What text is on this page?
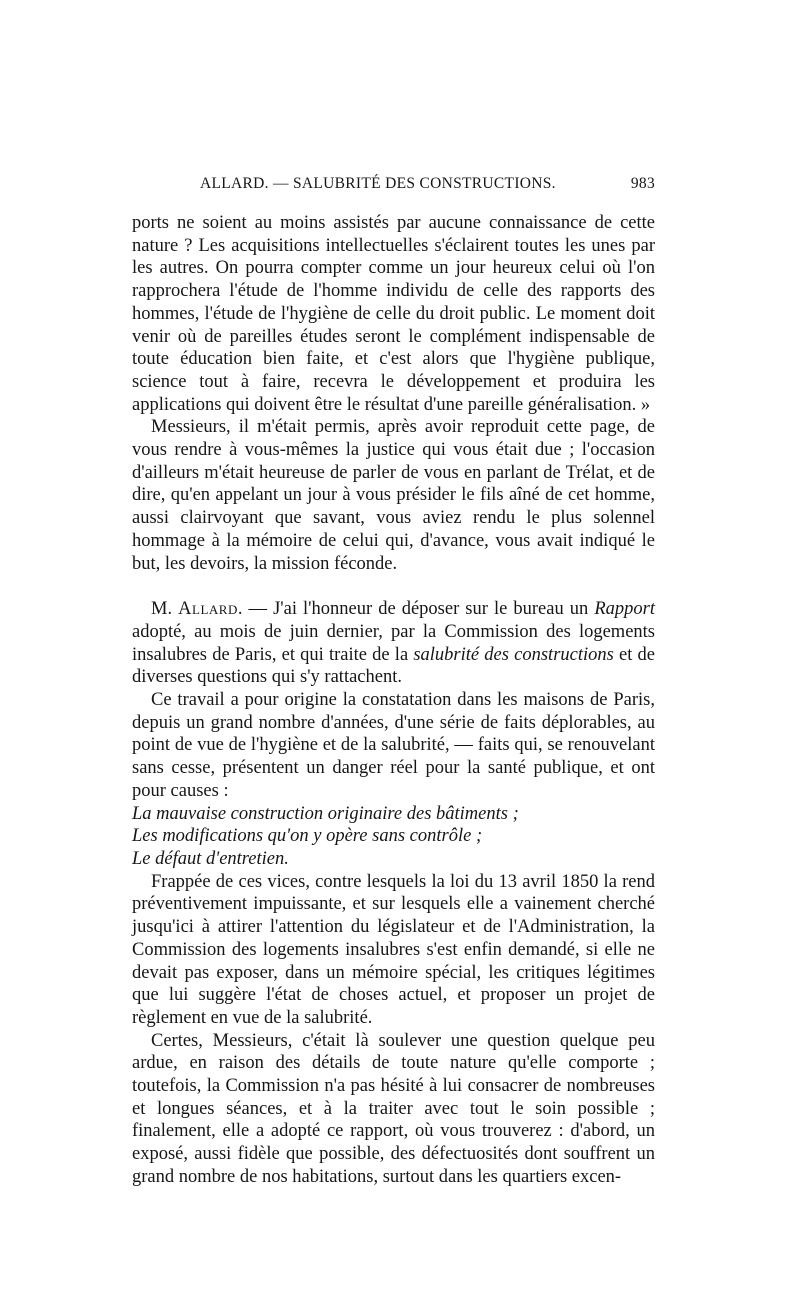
ALLARD. — SALUBRITÉ DES CONSTRUCTIONS.	983

ports ne soient au moins assistés par aucune connaissance de cette nature ? Les acquisitions intellectuelles s'éclairent toutes les unes par les autres. On pourra compter comme un jour heureux celui où l'on rapprochera l'étude de l'homme individu de celle des rapports des hommes, l'étude de l'hygiène de celle du droit public. Le moment doit venir où de pareilles études seront le complément indispensable de toute éducation bien faite, et c'est alors que l'hygiène publique, science tout à faire, recevra le développement et produira les applications qui doivent être le résultat d'une pareille généralisation. »

Messieurs, il m'était permis, après avoir reproduit cette page, de vous rendre à vous-mêmes la justice qui vous était due ; l'occasion d'ailleurs m'était heureuse de parler de vous en parlant de Trélat, et de dire, qu'en appelant un jour à vous présider le fils aîné de cet homme, aussi clairvoyant que savant, vous aviez rendu le plus solennel hommage à la mémoire de celui qui, d'avance, vous avait indiqué le but, les devoirs, la mission féconde.

M. Allard. — J'ai l'honneur de déposer sur le bureau un Rapport adopté, au mois de juin dernier, par la Commission des logements insalubres de Paris, et qui traite de la salubrité des constructions et de diverses questions qui s'y rattachent.

Ce travail a pour origine la constatation dans les maisons de Paris, depuis un grand nombre d'années, d'une série de faits déplorables, au point de vue de l'hygiène et de la salubrité, — faits qui, se renouvelant sans cesse, présentent un danger réel pour la santé publique, et ont pour causes :

La mauvaise construction originaire des bâtiments ;

Les modifications qu'on y opère sans contrôle ;

Le défaut d'entretien.

Frappée de ces vices, contre lesquels la loi du 13 avril 1850 la rend préventivement impuissante, et sur lesquels elle a vainement cherché jusqu'ici à attirer l'attention du législateur et de l'Administration, la Commission des logements insalubres s'est enfin demandé, si elle ne devait pas exposer, dans un mémoire spécial, les critiques légitimes que lui suggère l'état de choses actuel, et proposer un projet de règlement en vue de la salubrité.

Certes, Messieurs, c'était là soulever une question quelque peu ardue, en raison des détails de toute nature qu'elle comporte ; toutefois, la Commission n'a pas hésité à lui consacrer de nombreuses et longues séances, et à la traiter avec tout le soin possible ; finalement, elle a adopté ce rapport, où vous trouverez : d'abord, un exposé, aussi fidèle que possible, des défectuosités dont souffrent un grand nombre de nos habitations, surtout dans les quartiers excen-
